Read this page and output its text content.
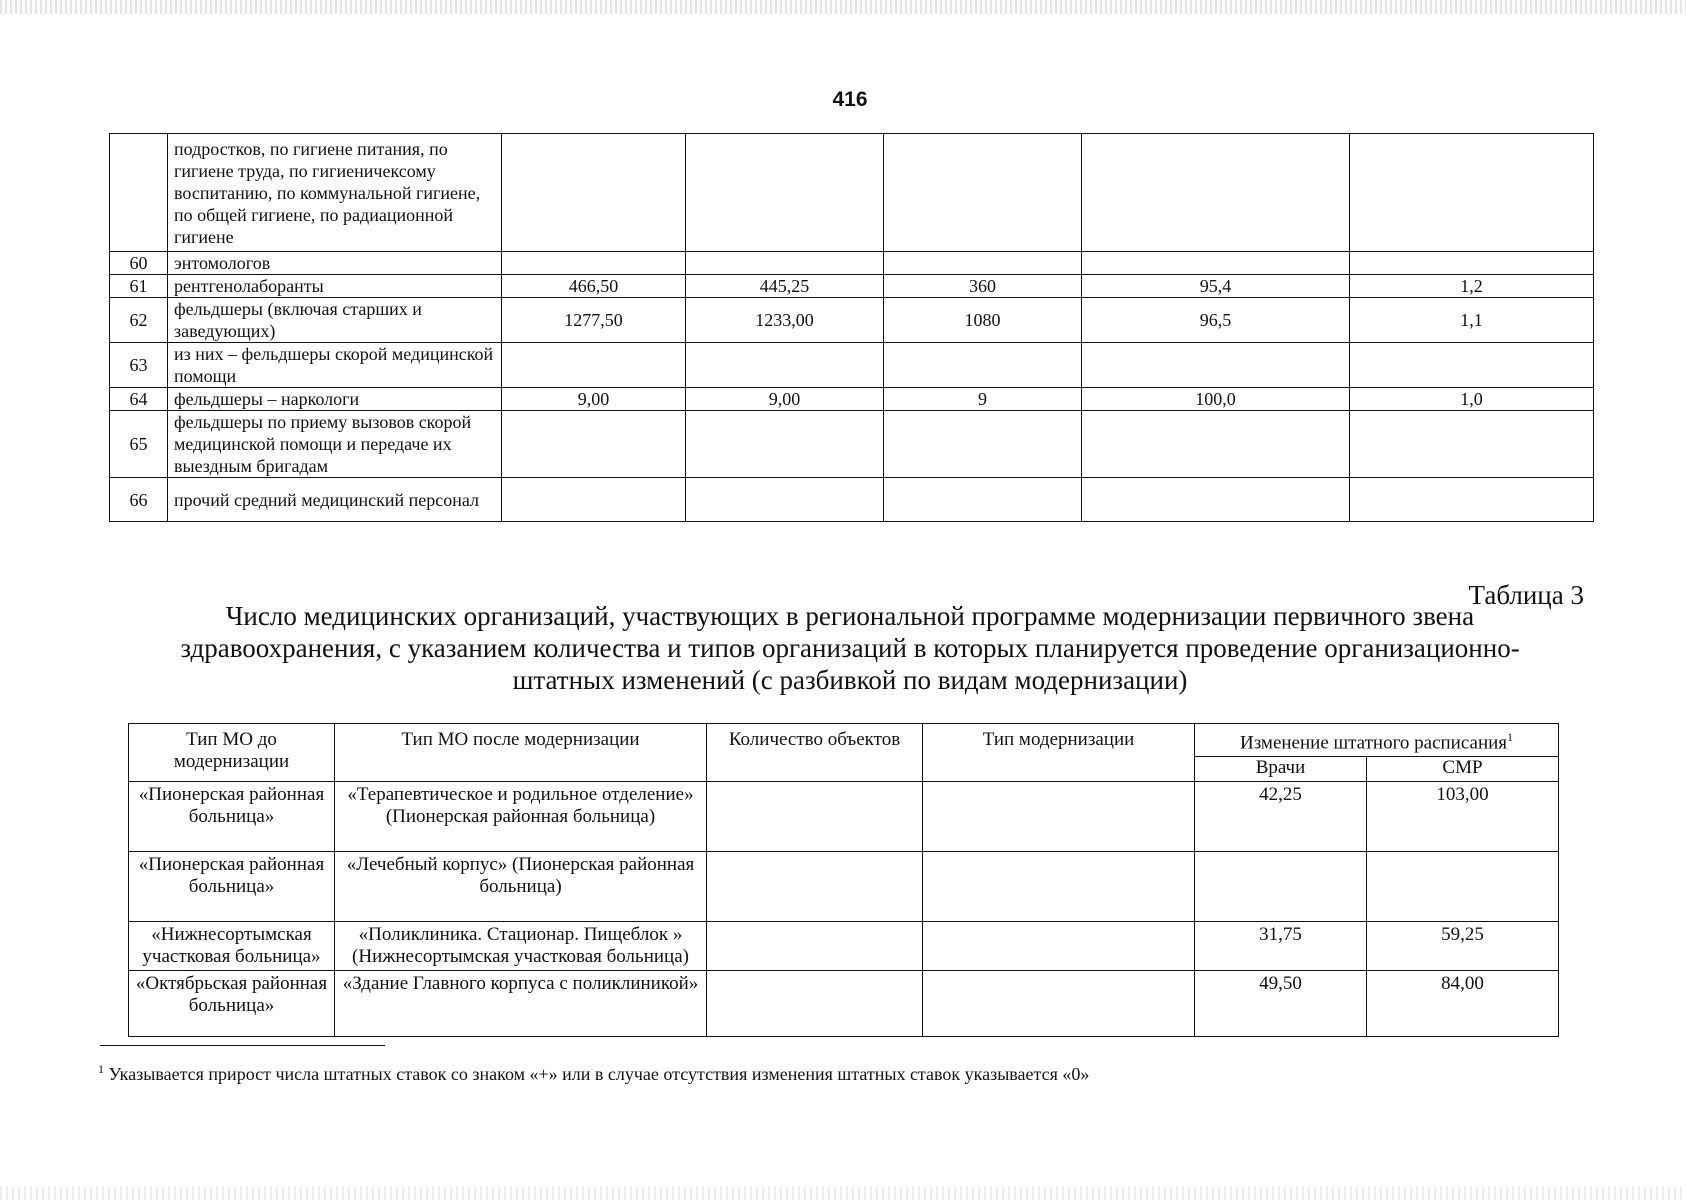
416
	подростков, по гигиене питания, по гигиене труда, по гигиеничексому воспитанию, по коммунальной гигиене, по общей гигиене, по радиационной гигиене					
60	энтомологов					
61	рентгенолаборанты	466,50	445,25	360	95,4	1,2
62	фельдшеры (включая старших и заведующих)	1277,50	1233,00	1080	96,5	1,1
63	из них – фельдшеры скорой медицинской помощи					
64	фельдшеры – наркологи	9,00	9,00	9	100,0	1,0
65	фельдшеры по приему вызовов скорой медицинской помощи и передаче их выездным бригадам					
66	прочий средний медицинский персонал					
Таблица 3
Число медицинских организаций, участвующих в региональной программе модернизации первичного звена здравоохранения, с указанием количества и типов организаций в которых планируется проведение организационно-штатных изменений (с разбивкой по видам модернизации)
Тип МО до модернизации	Тип МО после модернизации	Количество объектов	Тип модернизации	Изменение штатного расписания$^1$
				Врачи	СМР
«Пионерская районная больница»	«Терапевтическое и родильное отделение» (Пионерская районная больница)			42,25	103,00
«Пионерская районная больница»	«Лечебный корпус» (Пионерская районная больница)				
«Нижнесортымская участковая больница»	«Поликлиника. Стационар. Пищеблок » (Нижнесортымская участковая больница)			31,75	59,25
«Октябрьская районная больница»	«Здание Главного корпуса с поликлиникой»			49,50	84,00
$^1$ Указывается прирост числа штатных ставок со знаком «+» или в случае отсутствия изменения штатных ставок указывается «0»
